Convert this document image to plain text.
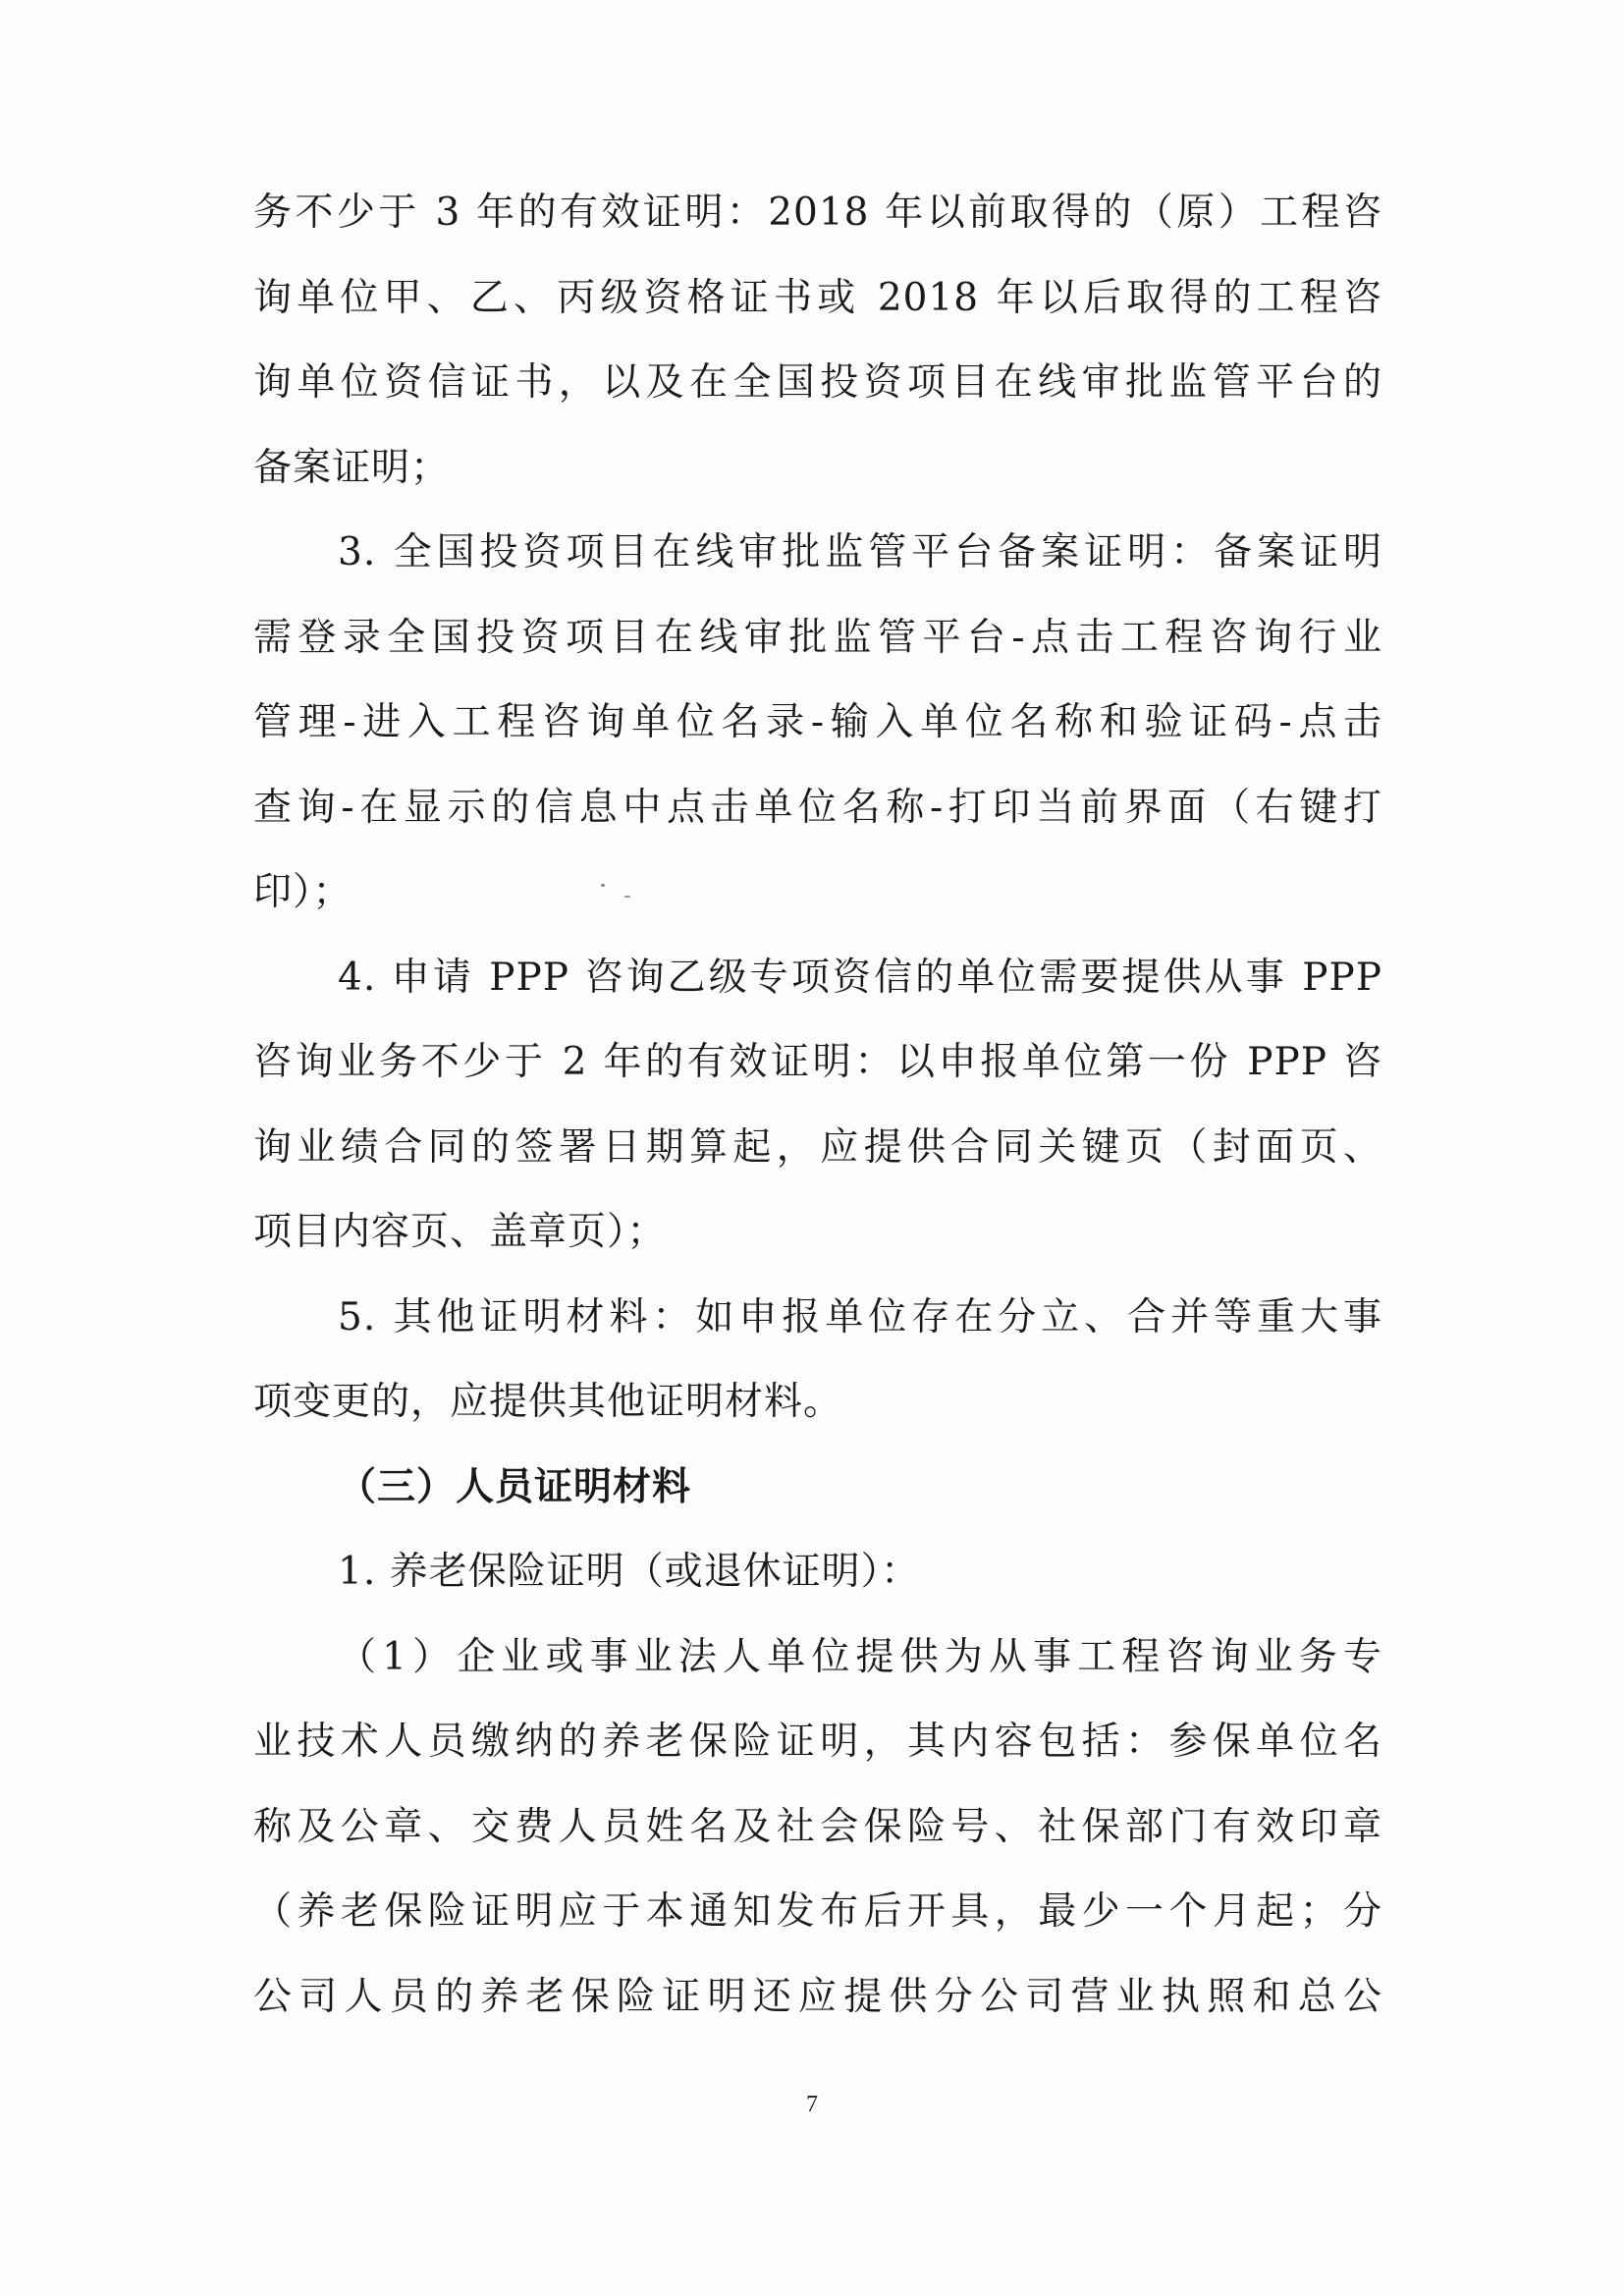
务不少于 3 年的有效证明：2018 年以前取得的（原）工程咨
询单位甲、乙、丙级资格证书或 2018 年以后取得的工程咨
询单位资信证书，以及在全国投资项目在线审批监管平台的
备案证明；
3. 全国投资项目在线审批监管平台备案证明：备案证明
需登录全国投资项目在线审批监管平台-点击工程咨询行业
管理-进入工程咨询单位名录-输入单位名称和验证码-点击
查询-在显示的信息中点击单位名称-打印当前界面（右键打
印）；
4. 申请 PPP 咨询乙级专项资信的单位需要提供从事 PPP
咨询业务不少于 2 年的有效证明：以申报单位第一份 PPP 咨
询业绩合同的签署日期算起，应提供合同关键页（封面页、
项目内容页、盖章页）；
5. 其他证明材料：如申报单位存在分立、合并等重大事
项变更的，应提供其他证明材料。
（三）人员证明材料
1. 养老保险证明（或退休证明）：
（1）企业或事业法人单位提供为从事工程咨询业务专
业技术人员缴纳的养老保险证明，其内容包括：参保单位名
称及公章、交费人员姓名及社会保险号、社保部门有效印章
（养老保险证明应于本通知发布后开具，最少一个月起；分
公司人员的养老保险证明还应提供分公司营业执照和总公
7
